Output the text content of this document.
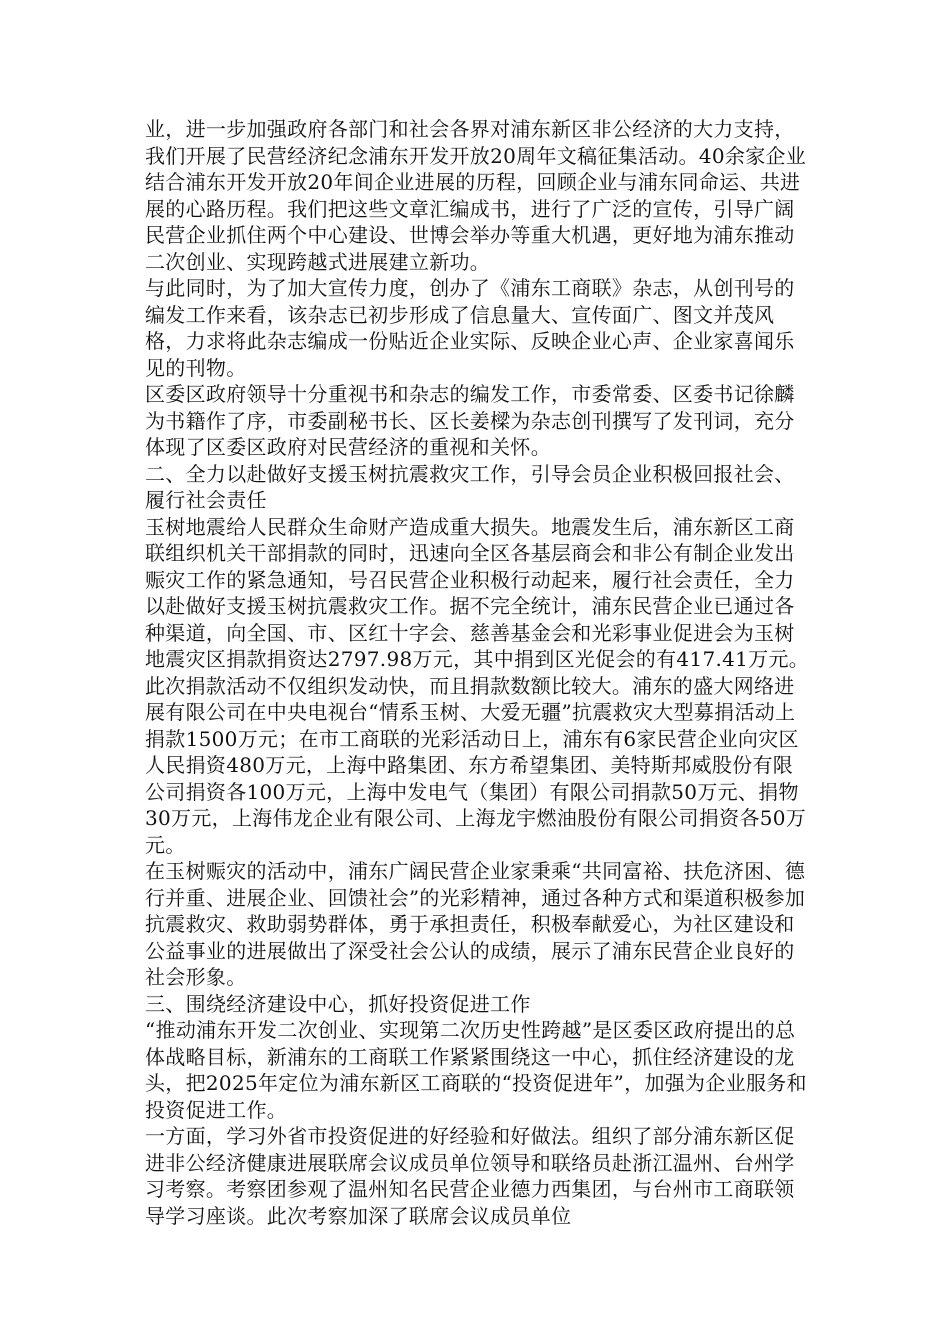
业，进一步加强政府各部门和社会各界对浦东新区非公经济的大力支持，我们开展了民营经济纪念浦东开发开放20周年文稿征集活动。40余家企业结合浦东开发开放20年间企业进展的历程，回顾企业与浦东同命运、共进展的心路历程。我们把这些文章汇编成书，进行了广泛的宣传，引导广阔民营企业抓住两个中心建设、世博会举办等重大机遇，更好地为浦东推动二次创业、实现跨越式进展建立新功。

与此同时，为了加大宣传力度，创办了《浦东工商联》杂志，从创刊号的编发工作来看，该杂志已初步形成了信息量大、宣传面广、图文并茂风格，力求将此杂志编成一份贴近企业实际、反映企业心声、企业家喜闻乐见的刊物。

区委区政府领导十分重视书和杂志的编发工作，市委常委、区委书记徐麟为书籍作了序，市委副秘书长、区长姜樑为杂志创刊撰写了发刊词，充分体现了区委区政府对民营经济的重视和关怀。

二、全力以赴做好支援玉树抗震救灾工作，引导会员企业积极回报社会、履行社会责任

玉树地震给人民群众生命财产造成重大损失。地震发生后，浦东新区工商联组织机关干部捐款的同时，迅速向全区各基层商会和非公有制企业发出赈灾工作的紧急通知，号召民营企业积极行动起来，履行社会责任，全力以赴做好支援玉树抗震救灾工作。据不完全统计，浦东民营企业已通过各种渠道，向全国、市、区红十字会、慈善基金会和光彩事业促进会为玉树地震灾区捐款捐资达2797.98万元，其中捐到区光促会的有417.41万元。

此次捐款活动不仅组织发动快，而且捐款数额比较大。浦东的盛大网络进展有限公司在中央电视台“情系玉树、大爱无疆”抗震救灾大型募捐活动上捐款1500万元；在市工商联的光彩活动日上，浦东有6家民营企业向灾区人民捐资480万元，上海中路集团、东方希望集团、美特斯邦威股份有限公司捐资各100万元，上海中发电气（集团）有限公司捐款50万元、捐物30万元，上海伟龙企业有限公司、上海龙宇燃油股份有限公司捐资各50万元。

在玉树赈灾的活动中，浦东广阔民营企业家秉乘“共同富裕、扶危济困、德行并重、进展企业、回馈社会”的光彩精神，通过各种方式和渠道积极参加抗震救灾、救助弱势群体，勇于承担责任，积极奉献爱心，为社区建设和公益事业的进展做出了深受社会公认的成绩，展示了浦东民营企业良好的社会形象。

三、围绕经济建设中心，抓好投资促进工作

“推动浦东开发二次创业、实现第二次历史性跨越”是区委区政府提出的总体战略目标，新浦东的工商联工作紧紧围绕这一中心，抓住经济建设的龙头，把2025年定位为浦东新区工商联的“投资促进年”，加强为企业服务和投资促进工作。

一方面，学习外省市投资促进的好经验和好做法。组织了部分浦东新区促进非公经济健康进展联席会议成员单位领导和联络员赴浙江温州、台州学习考察。考察团参观了温州知名民营企业德力西集团，与台州市工商联领导学习座谈。此次考察加深了联席会议成员单位
